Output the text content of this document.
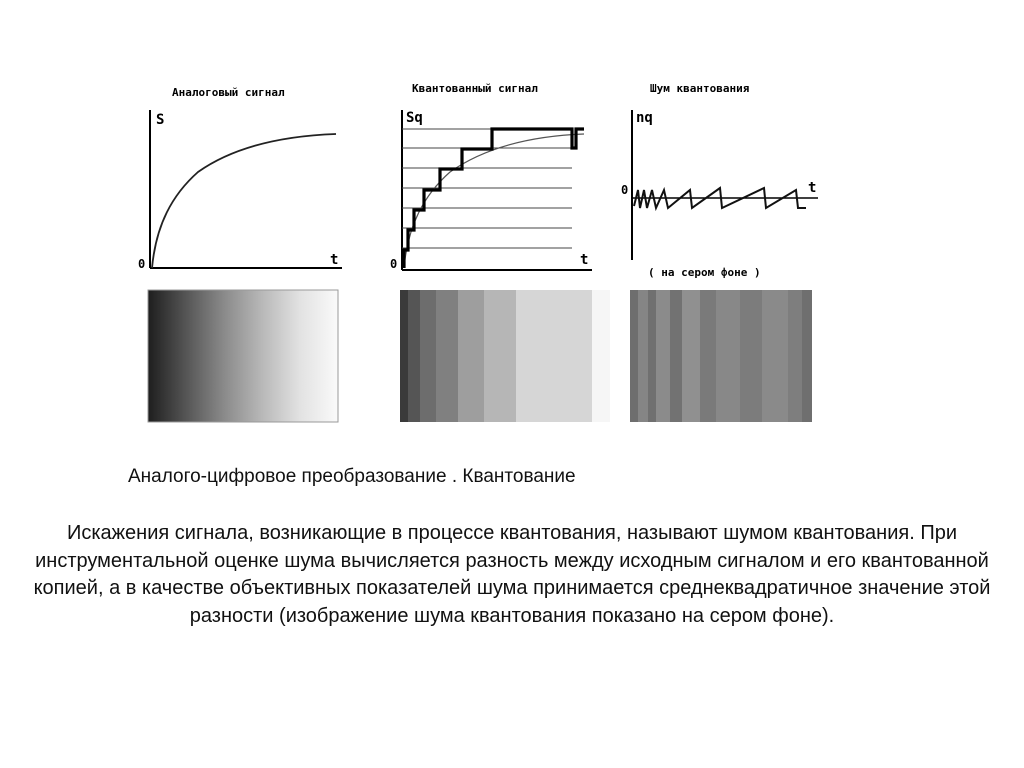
Аналоговый сигнал
S
t
0
Квантованный сигнал
Sq
t
0
Шум квантования
nq
t
0
( на сером фоне )
Аналого-цифровое преобразование . Квантование
Искажения сигнала, возникающие в процессе квантования, называют шумом квантования. При инструментальной оценке шума вычисляется разность между исходным сигналом и его квантованной копией, а в качестве объективных показателей шума принимается среднеквадратичное значение этой разности (изображение шума квантования показано на сером фоне).
